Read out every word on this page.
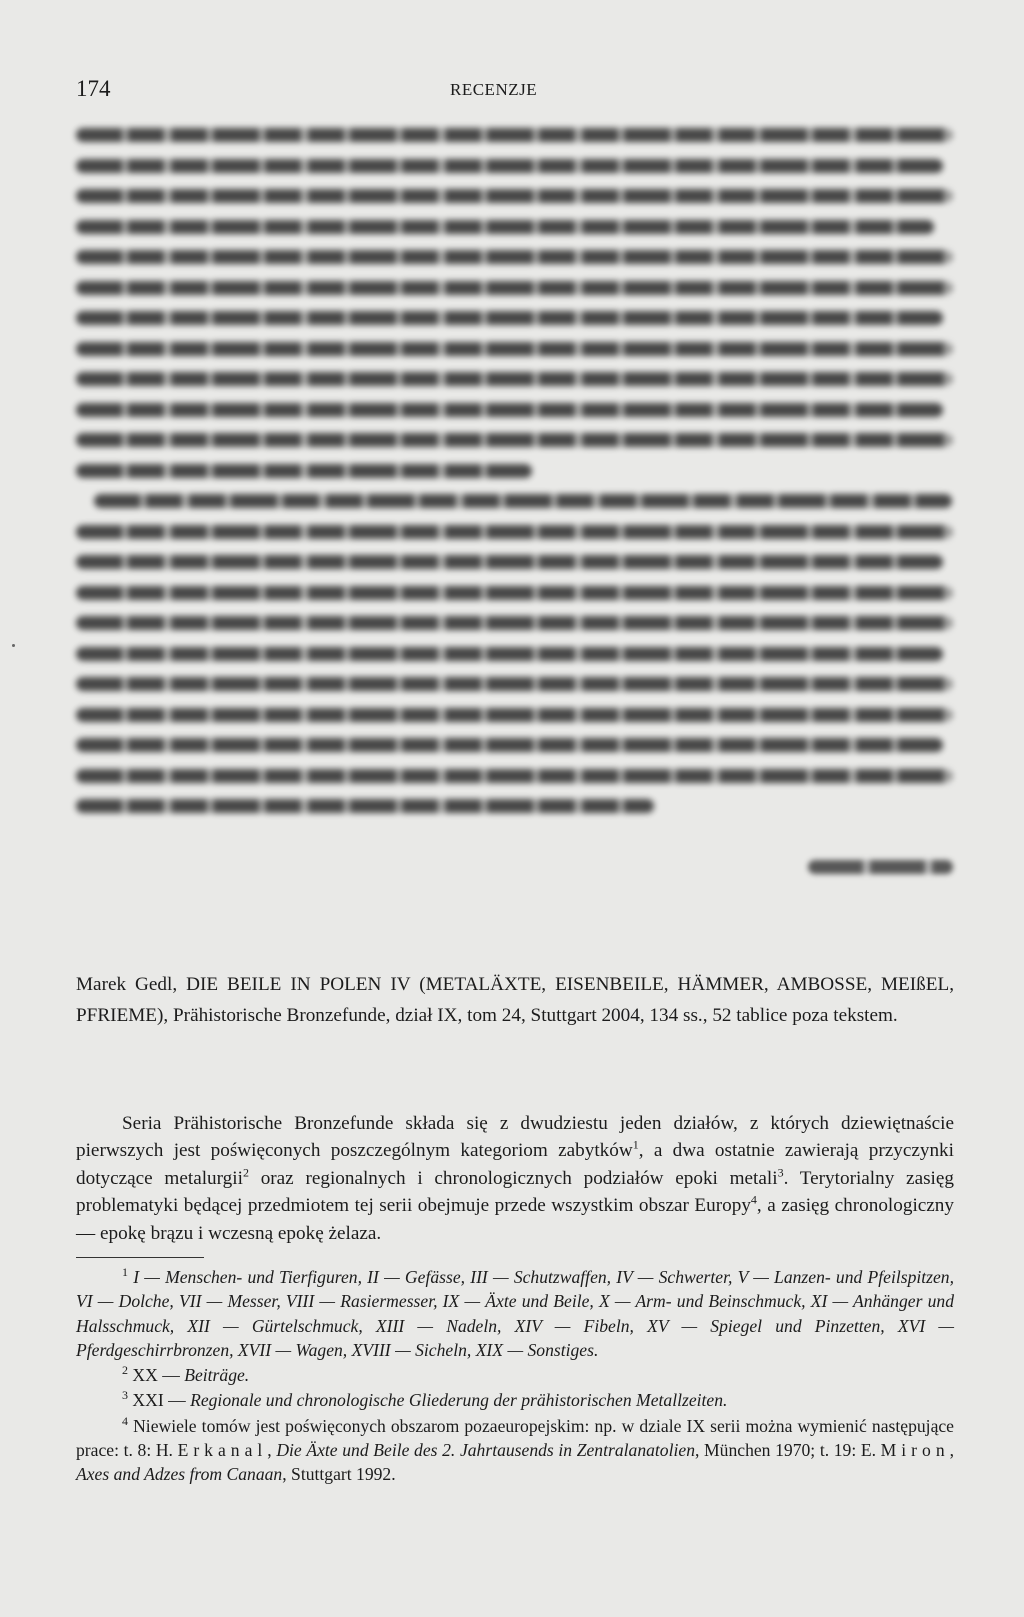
174	RECENZJE
Marek Gedl, DIE BEILE IN POLEN IV (METALÄXTE, EISENBEILE, HÄMMER, AMBOSSE, MEIßEL, PFRIEME), Prähistorische Bronzefunde, dział IX, tom 24, Stuttgart 2004, 134 ss., 52 tablice poza tekstem.

Seria Prähistorische Bronzefunde składa się z dwudziestu jeden działów, z których dziewiętnaście pierwszych jest poświęconych poszczególnym kategoriom zabytków$^1$, a dwa ostatnie zawierają przyczynki dotyczące metalurgii$^2$ oraz regionalnych i chronologicznych podziałów epoki metali$^3$. Terytorialny zasięg problematyki będącej przedmiotem tej serii obejmuje przede wszystkim obszar Europy$^4$, a zasięg chronologiczny — epokę brązu i wczesną epokę żelaza.

$^1$ I — Menschen- und Tierfiguren, II — Gefässe, III — Schutzwaffen, IV — Schwerter, V — Lanzen- und Pfeilspitzen, VI — Dolche, VII — Messer, VIII — Rasiermesser, IX — Äxte und Beile, X — Arm- und Beinschmuck, XI — Anhänger und Halsschmuck, XII — Gürtelschmuck, XIII — Nadeln, XIV — Fibeln, XV — Spiegel und Pinzetten, XVI — Pferdgeschirrbronzen, XVII — Wagen, XVIII — Sicheln, XIX — Sonstiges.

$^2$ XX — Beiträge.

$^3$ XXI — Regionale und chronologische Gliederung der prähistorischen Metallzeiten.

$^4$ Niewiele tomów jest poświęconych obszarom pozaeuropejskim: np. w dziale IX serii można wymienić następujące prace: t. 8: H. Erkanal, Die Äxte und Beile des 2. Jahrtausends in Zentralanatolien, München 1970; t. 19: E. Miron, Axes and Adzes from Canaan, Stuttgart 1992.
